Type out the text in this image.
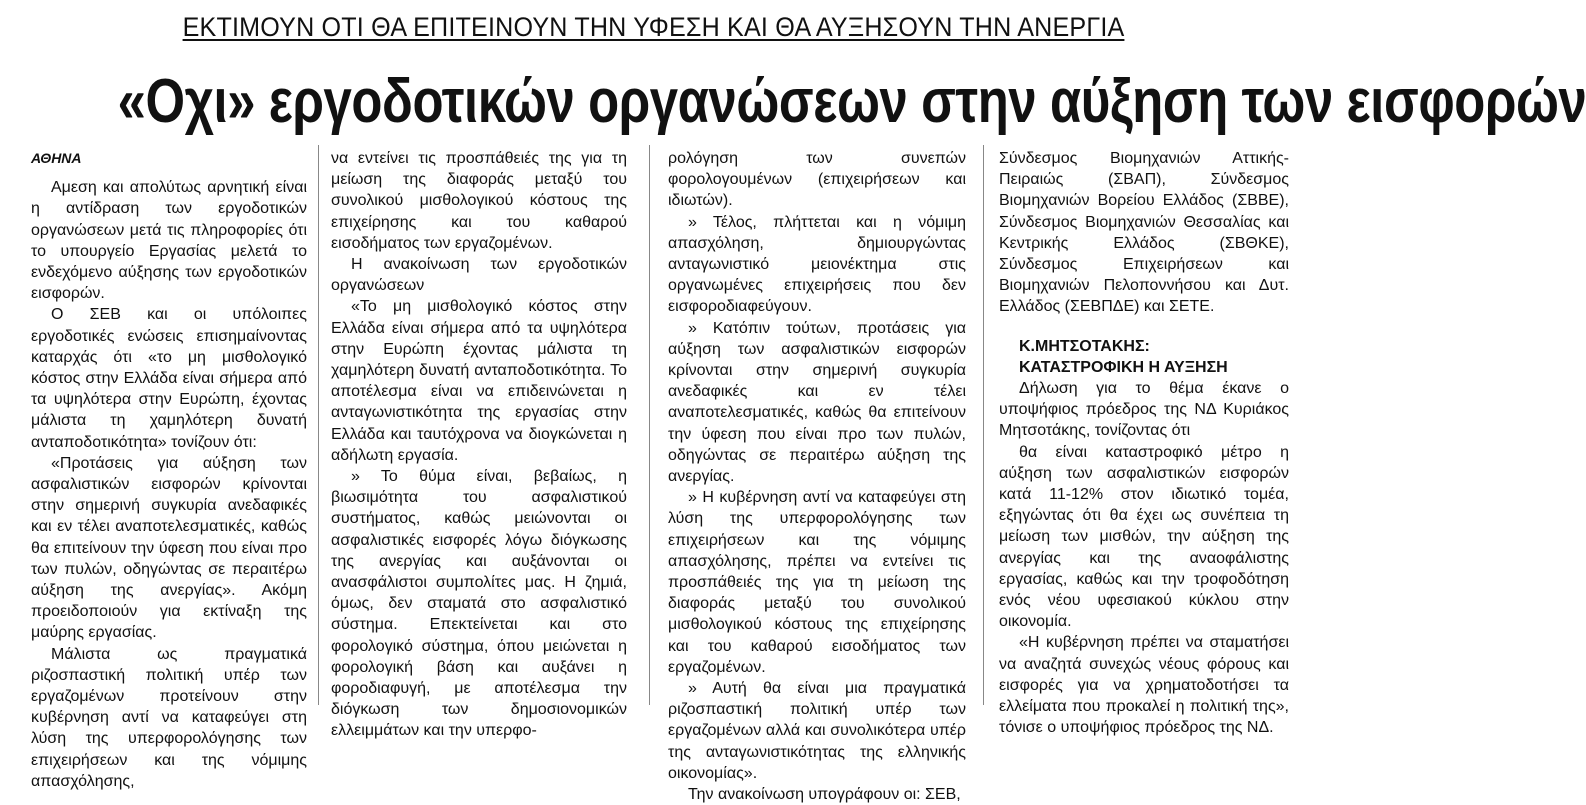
ΕΚΤΙΜΟΥΝ ΟΤΙ ΘΑ ΕΠΙΤΕΙΝΟΥΝ ΤΗΝ ΥΦΕΣΗ ΚΑΙ ΘΑ ΑΥΞΗΣΟΥΝ ΤΗΝ ΑΝΕΡΓΙΑ
«Οχι» εργοδοτικών οργανώσεων στην αύξηση των εισφορών

ΑΘΗΝΑ

Αμεση και απολύτως αρνητική είναι η αντίδραση των εργοδοτικών οργανώσεων μετά τις πληροφορίες ότι το υπουργείο Εργασίας μελετά το ενδεχόμενο αύξησης των εργοδοτικών εισφορών.

Ο ΣΕΒ και οι υπόλοιπες εργοδοτικές ενώσεις επισημαίνοντας καταρχάς ότι «το μη μισθολογικό κόστος στην Ελλάδα είναι σήμερα από τα υψηλότερα στην Ευρώπη, έχοντας μάλιστα τη χαμηλότερη δυνατή ανταποδοτικότητα» τονίζουν ότι:

«Προτάσεις για αύξηση των ασφαλιστικών εισφορών κρίνονται στην σημερινή συγκυρία ανεδαφικές και εν τέλει αναποτελεσματικές, καθώς θα επιτείνουν την ύφεση που είναι προ των πυλών, οδηγώντας σε περαιτέρω αύξηση της ανεργίας». Ακόμη προειδοποιούν για εκτίναξη της μαύρης εργασίας.

Μάλιστα ως πραγματικά ριζοσπαστική πολιτική υπέρ των εργαζομένων προτείνουν στην κυβέρνηση αντί να καταφεύγει στη λύση της υπερφορολόγησης των επιχειρήσεων και της νόμιμης απασχόλησης,

να εντείνει τις προσπάθειές της για τη μείωση της διαφοράς μεταξύ του συνολικού μισθολογικού κόστους της επιχείρησης και του καθαρού εισοδήματος των εργαζομένων.

Η ανακοίνωση των εργοδοτικών οργανώσεων

«Το μη μισθολογικό κόστος στην Ελλάδα είναι σήμερα από τα υψηλότερα στην Ευρώπη έχοντας μάλιστα τη χαμηλότερη δυνατή ανταποδοτικότητα. Το αποτέλεσμα είναι να επιδεινώνεται η ανταγωνιστικότητα της εργασίας στην Ελλάδα και ταυτόχρονα να διογκώνεται η αδήλωτη εργασία.

» Το θύμα είναι, βεβαίως, η βιωσιμότητα του ασφαλιστικού συστήματος, καθώς μειώνονται οι ασφαλιστικές εισφορές λόγω διόγκωσης της ανεργίας και αυξάνονται οι ανασφάλιστοι συμπολίτες μας. Η ζημιά, όμως, δεν σταματά στο ασφαλιστικό σύστημα. Επεκτείνεται και στο φορολογικό σύστημα, όπου μειώνεται η φορολογική βάση και αυξάνει η φοροδιαφυγή, με αποτέλεσμα την διόγκωση των δημοσιονομικών ελλειμμάτων και την υπερφο-

ρολόγηση των συνεπών φορολογουμένων (επιχειρήσεων και ιδιωτών).

» Τέλος, πλήττεται και η νόμιμη απασχόληση, δημιουργώντας ανταγωνιστικό μειονέκτημα στις οργανωμένες επιχειρήσεις που δεν εισφοροδιαφεύγουν.

» Κατόπιν τούτων, προτάσεις για αύξηση των ασφαλιστικών εισφορών κρίνονται στην σημερινή συγκυρία ανεδαφικές και εν τέλει αναποτελεσματικές, καθώς θα επιτείνουν την ύφεση που είναι προ των πυλών, οδηγώντας σε περαιτέρω αύξηση της ανεργίας.

» Η κυβέρνηση αντί να καταφεύγει στη λύση της υπερφορολόγησης των επιχειρήσεων και της νόμιμης απασχόλησης, πρέπει να εντείνει τις προσπάθειές της για τη μείωση της διαφοράς μεταξύ του συνολικού μισθολογικού κόστους της επιχείρησης και του καθαρού εισοδήματος των εργαζομένων.

» Αυτή θα είναι μια πραγματικά ριζοσπαστική πολιτική υπέρ των εργαζομένων αλλά και συνολικότερα υπέρ της ανταγωνιστικότητας της ελληνικής οικονομίας».

Την ανακοίνωση υπογράφουν οι: ΣΕΒ,

Σύνδεσμος Βιομηχανιών Αττικής-Πειραιώς (ΣΒΑΠ), Σύνδεσμος Βιομηχανιών Βορείου Ελλάδος (ΣΒΒΕ), Σύνδεσμος Βιομηχανιών Θεσσαλίας και Κεντρικής Ελλάδος (ΣΒΘΚΕ), Σύνδεσμος Επιχειρήσεων και Βιομηχανιών Πελοποννήσου και Δυτ. Ελλάδος (ΣΕΒΠΔΕ) και ΣΕΤΕ.

Κ.ΜΗΤΣΟΤΑΚΗΣ:
ΚΑΤΑΣΤΡΟΦΙΚΗ Η ΑΥΞΗΣΗ

Δήλωση για το θέμα έκανε ο υποψήφιος πρόεδρος της ΝΔ Κυριάκος Μητσοτάκης, τονίζοντας ότι

θα είναι καταστροφικό μέτρο η αύξηση των ασφαλιστικών εισφορών κατά 11-12% στον ιδιωτικό τομέα, εξηγώντας ότι θα έχει ως συνέπεια τη μείωση των μισθών, την αύξηση της ανεργίας και της αναοφάλιστης εργασίας, καθώς και την τροφοδότηση ενός νέου υφεσιακού κύκλου στην οικονομία.

«Η κυβέρνηση πρέπει να σταματήσει να αναζητά συνεχώς νέους φόρους και εισφορές για να χρηματοδοτήσει τα ελλείματα που προκαλεί η πολιτική της», τόνισε ο υποψήφιος πρόεδρος της ΝΔ.
